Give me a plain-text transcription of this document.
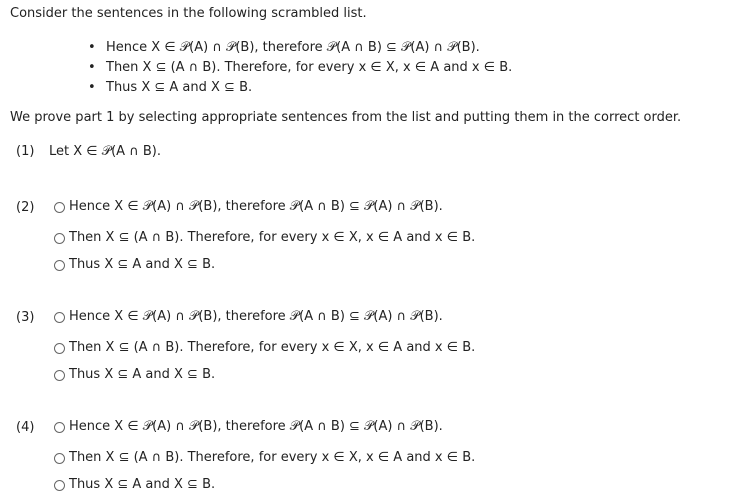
Consider the sentences in the following scrambled list.
• Hence X ∈ 𝒫(A) ∩ 𝒫(B), therefore 𝒫(A ∩ B) ⊆ 𝒫(A) ∩ 𝒫(B).
• Then X ⊆ (A ∩ B). Therefore, for every x ∈ X, x ∈ A and x ∈ B.
• Thus X ⊆ A and X ⊆ B.
We prove part 1 by selecting appropriate sentences from the list and putting them in the correct order.
(1) Let X ∈ 𝒫(A ∩ B).
(2)	Hence X ∈ 𝒫(A) ∩ 𝒫(B), therefore 𝒫(A ∩ B) ⊆ 𝒫(A) ∩ 𝒫(B).
Then X ⊆ (A ∩ B). Therefore, for every x ∈ X, x ∈ A and x ∈ B.
Thus X ⊆ A and X ⊆ B.
(3)	Hence X ∈ 𝒫(A) ∩ 𝒫(B), therefore 𝒫(A ∩ B) ⊆ 𝒫(A) ∩ 𝒫(B).
Then X ⊆ (A ∩ B). Therefore, for every x ∈ X, x ∈ A and x ∈ B.
Thus X ⊆ A and X ⊆ B.
(4)	Hence X ∈ 𝒫(A) ∩ 𝒫(B), therefore 𝒫(A ∩ B) ⊆ 𝒫(A) ∩ 𝒫(B).
Then X ⊆ (A ∩ B). Therefore, for every x ∈ X, x ∈ A and x ∈ B.
Thus X ⊆ A and X ⊆ B.
